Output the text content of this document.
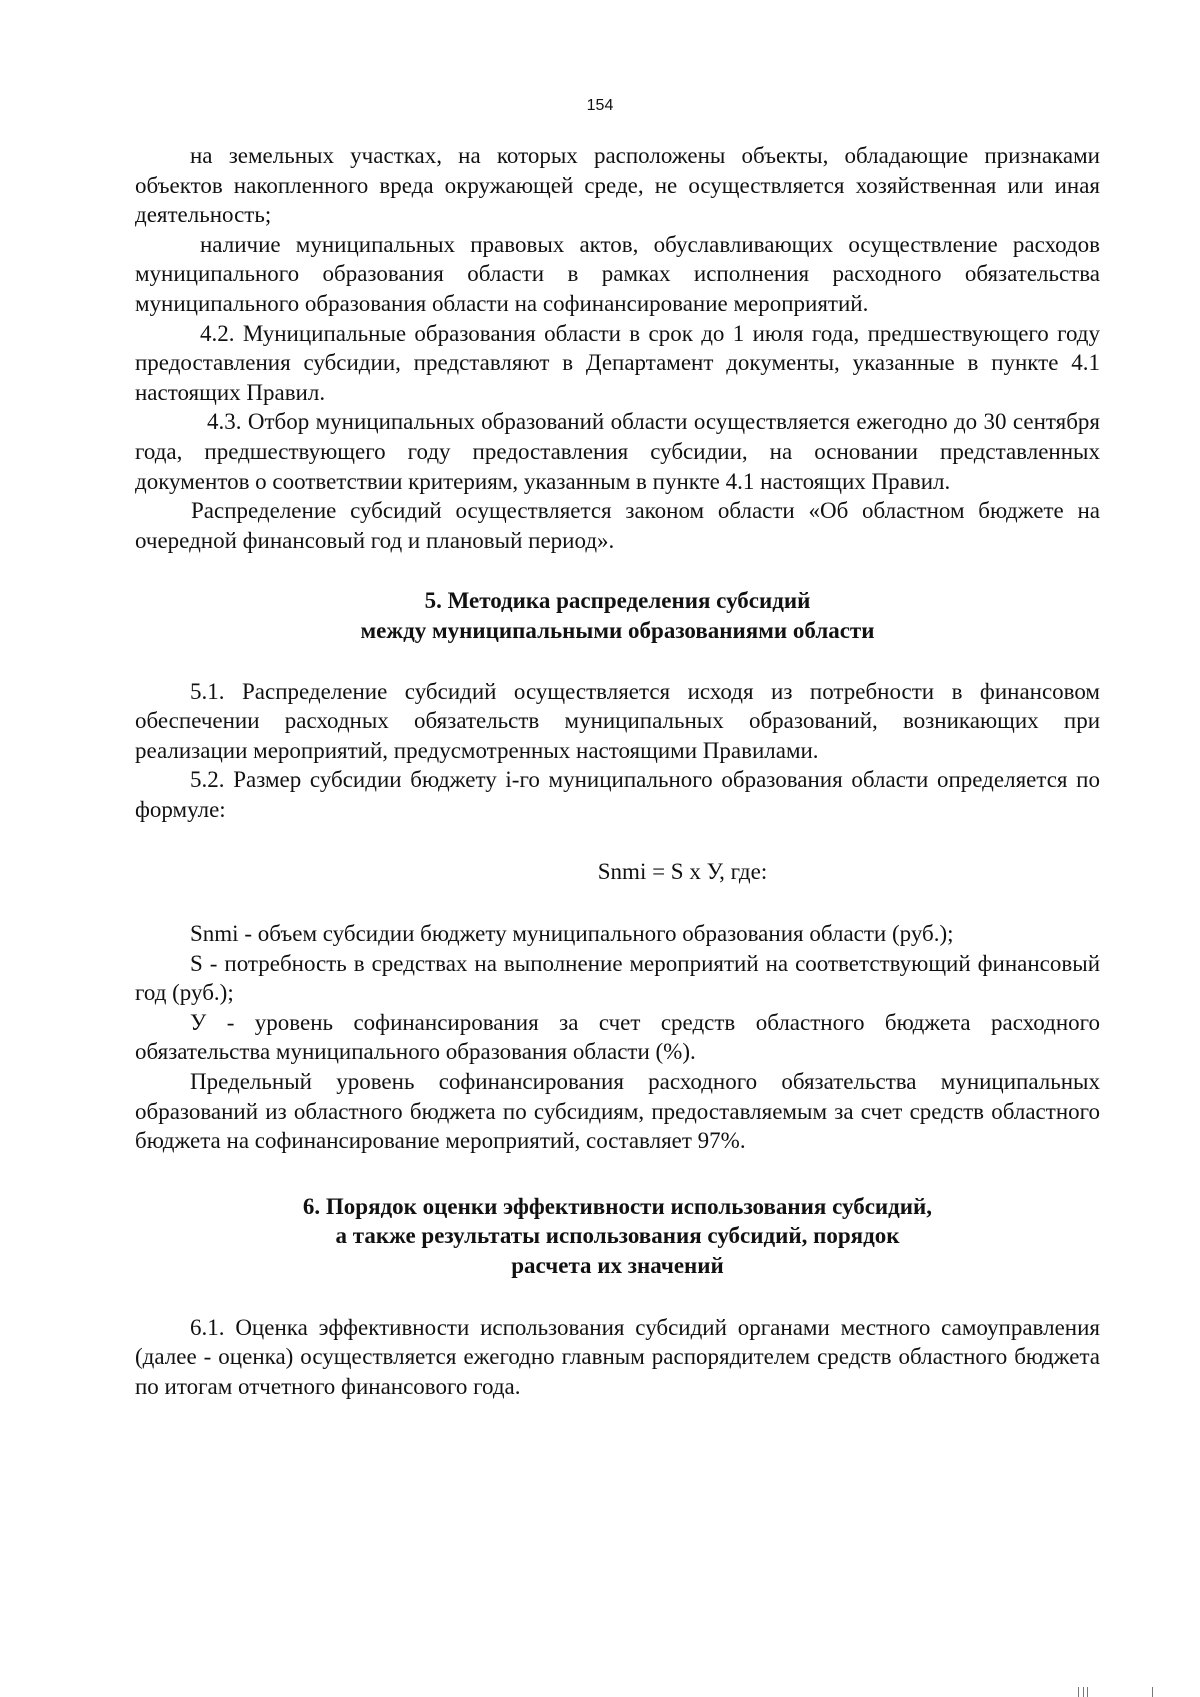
154

на земельных участках, на которых расположены объекты, обладающие признаками объектов накопленного вреда окружающей среде, не осуществляется хозяйственная или иная деятельность;

наличие муниципальных правовых актов, обуславливающих осуществление расходов муниципального образования области в рамках исполнения расходного обязательства муниципального образования области на софинансирование мероприятий.

4.2. Муниципальные образования области в срок до 1 июля года, предшествующего году предоставления субсидии, представляют в Департамент документы, указанные в пункте 4.1 настоящих Правил.

4.3. Отбор муниципальных образований области осуществляется ежегодно до 30 сентября года, предшествующего году предоставления субсидии, на основании представленных документов о соответствии критериям, указанным в пункте 4.1 настоящих Правил.

Распределение субсидий осуществляется законом области «Об областном бюджете на очередной финансовый год и плановый период».

5. Методика распределения субсидий
между муниципальными образованиями области

5.1. Распределение субсидий осуществляется исходя из потребности в финансовом обеспечении расходных обязательств муниципальных образований, возникающих при реализации мероприятий, предусмотренных настоящими Правилами.

5.2. Размер субсидии бюджету i-го муниципального образования области определяется по формуле:

Snmi = S x У, где:

Snmi - объем субсидии бюджету муниципального образования области (руб.);

S - потребность в средствах на выполнение мероприятий на соответствующий финансовый год (руб.);

У - уровень софинансирования за счет средств областного бюджета расходного обязательства муниципального образования области (%).

Предельный уровень софинансирования расходного обязательства муниципальных образований из областного бюджета по субсидиям, предоставляемым за счет средств областного бюджета на софинансирование мероприятий, составляет 97%.

6. Порядок оценки эффективности использования субсидий,
а также результаты использования субсидий, порядок
расчета их значений

6.1. Оценка эффективности использования субсидий органами местного самоуправления (далее - оценка) осуществляется ежегодно главным распорядителем средств областного бюджета по итогам отчетного финансового года.
